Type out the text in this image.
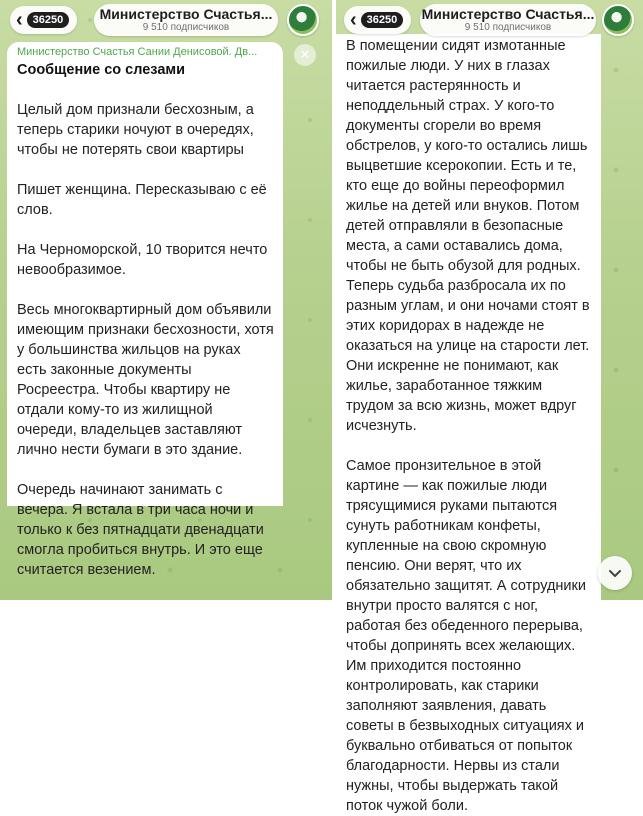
‹ 36250	Министерство Счастья...
9 510 подписчиков
✕
Министерство Счастья Сании Денисовой. Дв...
Сообщение со слезами
Целый дом признали бесхозным, а теперь старики ночуют в очередях, чтобы не потерять свои квартиры
Пишет женщина. Пересказываю с её слов.
На Черноморской, 10 творится нечто невообразимое.
Весь многоквартирный дом объявили имеющим признаки бесхозности, хотя у большинства жильцов на руках есть законные документы Росреестра. Чтобы квартиру не отдали кому-то из жилищной очереди, владельцев заставляют лично нести бумаги в это здание.
Очередь начинают занимать с вечера. Я встала в три часа ночи и только к без пятнадцати двенадцати смогла пробиться внутрь. И это еще считается везением.
В помещении сидят измотанные пожилые люди. У них в глазах читается растерянность и неподдельный страх. У кого-то документы сгорели во время обстрелов, у кого-то остались лишь выцветшие ксерокопии. Есть и те, кто еще до войны переоформил жилье на детей или внуков. Потом детей отправляли в безопасные места, а сами оставались дома, чтобы не быть обузой для родных. Теперь судьба разбросала их по разным углам, и они ночами стоят в этих коридорах в надежде не оказаться на улице на старости лет. Они искренне не понимают, как жилье, заработанное тяжким трудом за всю жизнь, может вдруг исчезнуть.
Самое пронзительное в этой картине — как пожилые люди трясущимися руками пытаются сунуть работникам конфеты, купленные на свою скромную пенсию. Они верят, что их обязательно защитят. А сотрудники внутри просто валятся с ног, работая без обеденного перерыва, чтобы допринять всех желающих. Им приходится постоянно контролировать, как старики заполняют заявления, давать советы в безвыходных ситуациях и буквально отбиваться от попыток благодарности. Нервы из стали нужны, чтобы выдержать такой поток чужой боли.
‹ 36250	Министерство Счастья...
9 510 подписчиков
